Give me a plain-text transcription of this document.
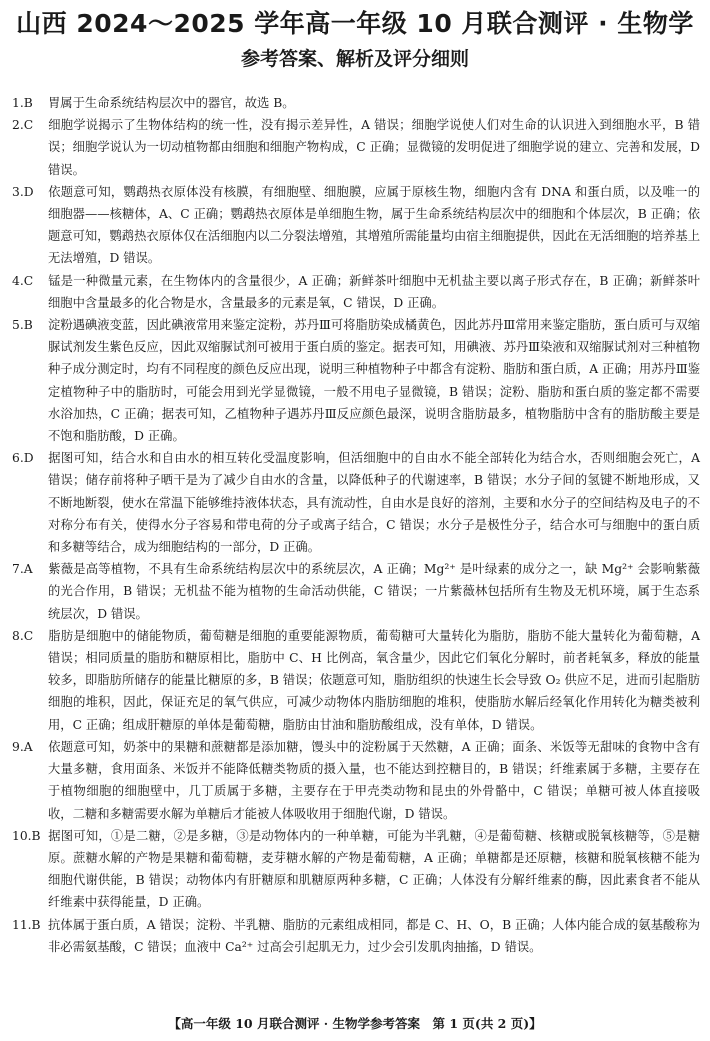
山西 2024～2025 学年高一年级 10 月联合测评 · 生物学
参考答案、解析及评分细则

1.B 胃属于生命系统结构层次中的器官，故选 B。

2.C 细胞学说揭示了生物体结构的统一性，没有揭示差异性，A 错误；细胞学说使人们对生命的认识进入到细胞水平，B 错误；细胞学说认为一切动植物都由细胞和细胞产物构成，C 正确；显微镜的发明促进了细胞学说的建立、完善和发展，D 错误。

3.D 依题意可知，鹦鹉热衣原体没有核膜，有细胞壁、细胞膜，应属于原核生物，细胞内含有 DNA 和蛋白质，以及唯一的细胞器——核糖体，A、C 正确；鹦鹉热衣原体是单细胞生物，属于生命系统结构层次中的细胞和个体层次，B 正确；依题意可知，鹦鹉热衣原体仅在活细胞内以二分裂法增殖，其增殖所需能量均由宿主细胞提供，因此在无活细胞的培养基上无法增殖，D 错误。

4.C 锰是一种微量元素，在生物体内的含量很少，A 正确；新鲜茶叶细胞中无机盐主要以离子形式存在，B 正确；新鲜茶叶细胞中含量最多的化合物是水，含量最多的元素是氧，C 错误，D 正确。

5.B 淀粉遇碘液变蓝，因此碘液常用来鉴定淀粉，苏丹Ⅲ可将脂肪染成橘黄色，因此苏丹Ⅲ常用来鉴定脂肪，蛋白质可与双缩脲试剂发生紫色反应，因此双缩脲试剂可被用于蛋白质的鉴定。据表可知，用碘液、苏丹Ⅲ染液和双缩脲试剂对三种植物种子成分测定时，均有不同程度的颜色反应出现，说明三种植物种子中都含有淀粉、脂肪和蛋白质，A 正确；用苏丹Ⅲ鉴定植物种子中的脂肪时，可能会用到光学显微镜，一般不用电子显微镜，B 错误；淀粉、脂肪和蛋白质的鉴定都不需要水浴加热，C 正确；据表可知，乙植物种子遇苏丹Ⅲ反应颜色最深，说明含脂肪最多，植物脂肪中含有的脂肪酸主要是不饱和脂肪酸，D 正确。

6.D 据图可知，结合水和自由水的相互转化受温度影响，但活细胞中的自由水不能全部转化为结合水，否则细胞会死亡，A 错误；储存前将种子晒干是为了减少自由水的含量，以降低种子的代谢速率，B 错误；水分子间的氢键不断地形成，又不断地断裂，使水在常温下能够维持液体状态，具有流动性，自由水是良好的溶剂，主要和水分子的空间结构及电子的不对称分布有关，使得水分子容易和带电荷的分子或离子结合，C 错误；水分子是极性分子，结合水可与细胞中的蛋白质和多糖等结合，成为细胞结构的一部分，D 正确。

7.A 紫薇是高等植物，不具有生命系统结构层次中的系统层次，A 正确；Mg²⁺ 是叶绿素的成分之一，缺 Mg²⁺ 会影响紫薇的光合作用，B 错误；无机盐不能为植物的生命活动供能，C 错误；一片紫薇林包括所有生物及无机环境，属于生态系统层次，D 错误。

8.C 脂肪是细胞中的储能物质，葡萄糖是细胞的重要能源物质，葡萄糖可大量转化为脂肪，脂肪不能大量转化为葡萄糖，A 错误；相同质量的脂肪和糖原相比，脂肪中 C、H 比例高，氧含量少，因此它们氧化分解时，前者耗氧多，释放的能量较多，即脂肪所储存的能量比糖原的多，B 错误；依题意可知，脂肪组织的快速生长会导致 O₂ 供应不足，进而引起脂肪细胞的堆积，因此，保证充足的氧气供应，可减少动物体内脂肪细胞的堆积，使脂肪水解后经氧化作用转化为糖类被利用，C 正确；组成肝糖原的单体是葡萄糖，脂肪由甘油和脂肪酸组成，没有单体，D 错误。

9.A 依题意可知，奶茶中的果糖和蔗糖都是添加糖，馒头中的淀粉属于天然糖，A 正确；面条、米饭等无甜味的食物中含有大量多糖，食用面条、米饭并不能降低糖类物质的摄入量，也不能达到控糖目的，B 错误；纤维素属于多糖，主要存在于植物细胞的细胞壁中，几丁质属于多糖，主要存在于甲壳类动物和昆虫的外骨骼中，C 错误；单糖可被人体直接吸收，二糖和多糖需要水解为单糖后才能被人体吸收用于细胞代谢，D 错误。

10.B 据图可知，①是二糖，②是多糖，③是动物体内的一种单糖，可能为半乳糖，④是葡萄糖、核糖或脱氧核糖等，⑤是糖原。蔗糖水解的产物是果糖和葡萄糖，麦芽糖水解的产物是葡萄糖，A 正确；单糖都是还原糖，核糖和脱氧核糖不能为细胞代谢供能，B 错误；动物体内有肝糖原和肌糖原两种多糖，C 正确；人体没有分解纤维素的酶，因此素食者不能从纤维素中获得能量，D 正确。

11.B 抗体属于蛋白质，A 错误；淀粉、半乳糖、脂肪的元素组成相同，都是 C、H、O，B 正确；人体内能合成的氨基酸称为非必需氨基酸，C 错误；血液中 Ca²⁺ 过高会引起肌无力，过少会引发肌肉抽搐，D 错误。

【高一年级 10 月联合测评 · 生物学参考答案　第 1 页(共 2 页)】
